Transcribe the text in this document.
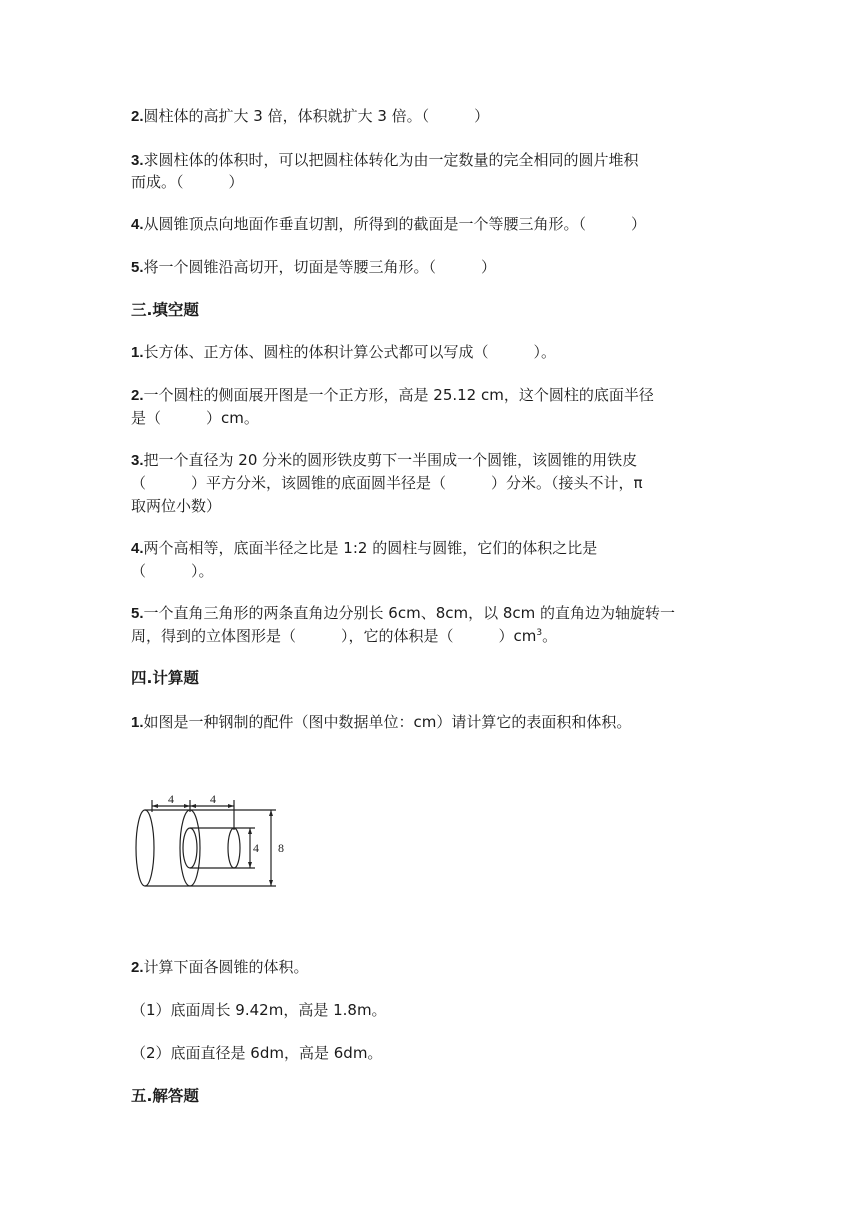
2.圆柱体的高扩大 3 倍，体积就扩大 3 倍。（　　　）
3.求圆柱体的体积时，可以把圆柱体转化为由一定数量的完全相同的圆片堆积
而成。（　　　）
4.从圆锥顶点向地面作垂直切割，所得到的截面是一个等腰三角形。（　　　）
5.将一个圆锥沿高切开，切面是等腰三角形。（　　　）
三.填空题
1.长方体、正方体、圆柱的体积计算公式都可以写成（　　　）。
2.一个圆柱的侧面展开图是一个正方形，高是 25.12 cm，这个圆柱的底面半径
是（　　　）cm。
3.把一个直径为 20 分米的圆形铁皮剪下一半围成一个圆锥，该圆锥的用铁皮
（　　　）平方分米，该圆锥的底面圆半径是（　　　）分米。（接头不计，π
取两位小数）
4.两个高相等，底面半径之比是 1:2 的圆柱与圆锥，它们的体积之比是
（　　　）。
5.一个直角三角形的两条直角边分别长 6cm、8cm，以 8cm 的直角边为轴旋转一
周，得到的立体图形是（　　　），它的体积是（　　　）$cm^3$。
四.计算题
1.如图是一种钢制的配件（图中数据单位：cm）请计算它的表面积和体积。
4	4
4 8
2.计算下面各圆锥的体积。
（1）底面周长 9.42m，高是 1.8m。
（2）底面直径是 6dm，高是 6dm。
五.解答题
